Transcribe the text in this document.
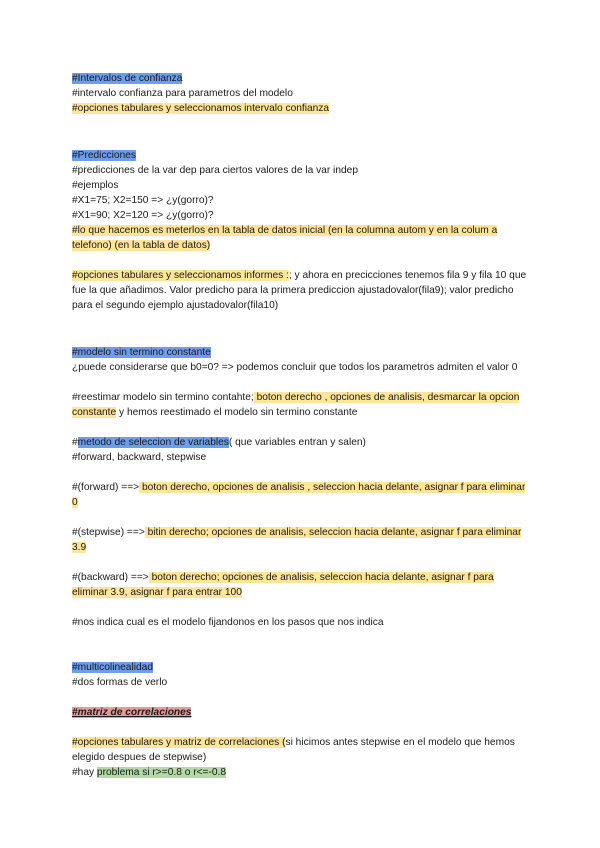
#Intervalos de confianza
#intervalo confianza para parametros del modelo
#opciones tabulares y seleccionamos intervalo confianza
#Predicciones
#predicciones de la var dep para ciertos valores de la var indep
#ejemplos
#X1=75; X2=150 => ¿y(gorro)?
#X1=90; X2=120 => ¿y(gorro)?
#lo que hacemos es meterlos en la tabla de datos inicial (en la columna autom y en la colum a telefono) (en la tabla de datos)
#opciones tabulares y seleccionamos informes :; y ahora en precicciones tenemos fila 9 y fila 10 que fue la que añadimos. Valor predicho para la primera prediccion ajustadovalor(fila9); valor predicho para el segundo ejemplo ajustadovalor(fila10)
#modelo sin termino constante
¿puede considerarse que b0=0? => podemos concluir que todos los parametros admiten el valor 0
#reestimar modelo sin termino contahte; boton derecho , opciones de analisis, desmarcar la opcion constante y hemos reestimado el modelo sin termino constante
#metodo de seleccion de variables( que variables entran y salen)
#forward, backward, stepwise
#(forward) ==> boton derecho, opciones de analisis , seleccion hacia delante, asignar f para eliminar 0
#(stepwise) ==> bitin derecho; opciones de analisis, seleccion hacia delante, asignar f para eliminar 3.9
#(backward) ==> boton derecho; opciones de analisis, seleccion hacia delante, asignar f para eliminar 3.9, asignar f para entrar 100
#nos indica cual es el modelo fijandonos en los pasos que nos indica
#multicolinealidad
#dos formas de verlo
#matriz de correlaciones
#opciones tabulares y matriz de correlaciones (si hicimos antes stepwise en el modelo que hemos elegido despues de stepwise)
#hay problema si r>=0.8 o r<=-0.8
